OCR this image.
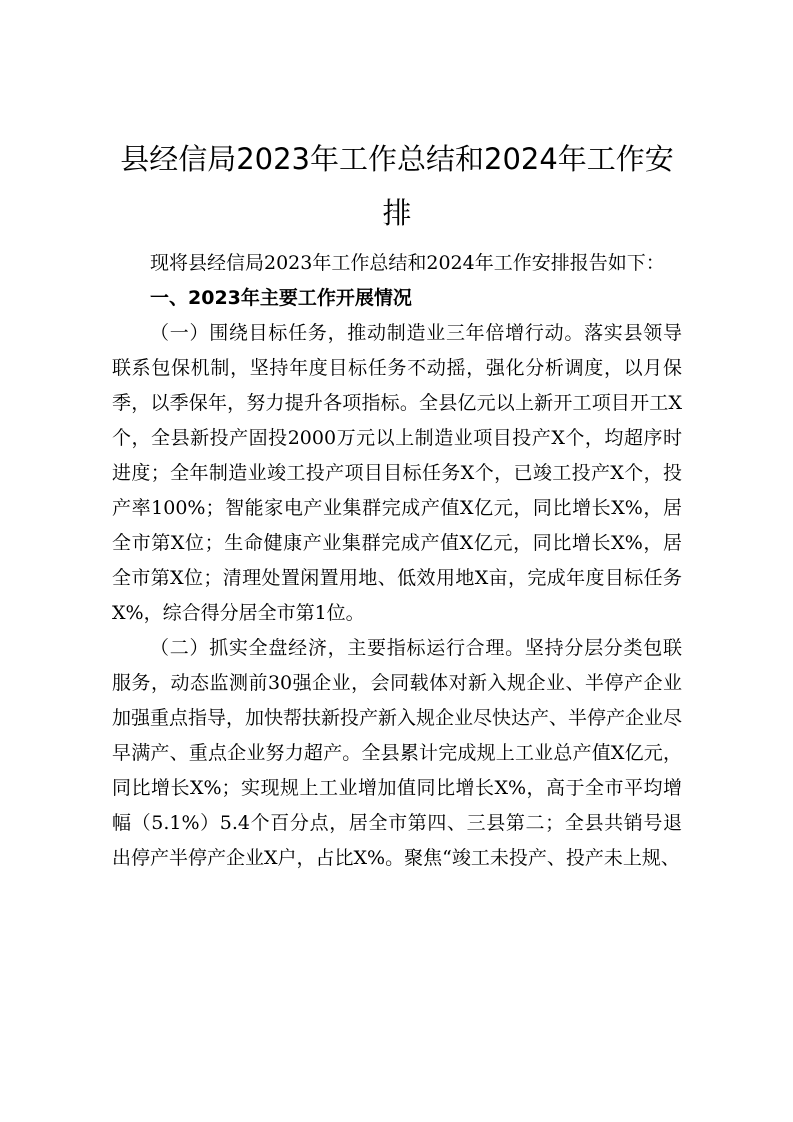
县经信局2023年工作总结和2024年工作安排

现将县经信局2023年工作总结和2024年工作安排报告如下：

一、2023年主要工作开展情况

（一）围绕目标任务，推动制造业三年倍增行动。落实县领导联系包保机制，坚持年度目标任务不动摇，强化分析调度，以月保季，以季保年，努力提升各项指标。全县亿元以上新开工项目开工X个，全县新投产固投2000万元以上制造业项目投产X个，均超序时进度；全年制造业竣工投产项目目标任务X个，已竣工投产X个，投产率100%；智能家电产业集群完成产值X亿元，同比增长X%，居全市第X位；生命健康产业集群完成产值X亿元，同比增长X%，居全市第X位；清理处置闲置用地、低效用地X亩，完成年度目标任务X%，综合得分居全市第1位。

（二）抓实全盘经济，主要指标运行合理。坚持分层分类包联服务，动态监测前30强企业，会同载体对新入规企业、半停产企业加强重点指导，加快帮扶新投产新入规企业尽快达产、半停产企业尽早满产、重点企业努力超产。全县累计完成规上工业总产值X亿元，同比增长X%；实现规上工业增加值同比增长X%，高于全市平均增幅（5.1%）5.4个百分点，居全市第四、三县第二；全县共销号退出停产半停产企业X户，占比X%。聚焦“竣工未投产、投产未上规、
